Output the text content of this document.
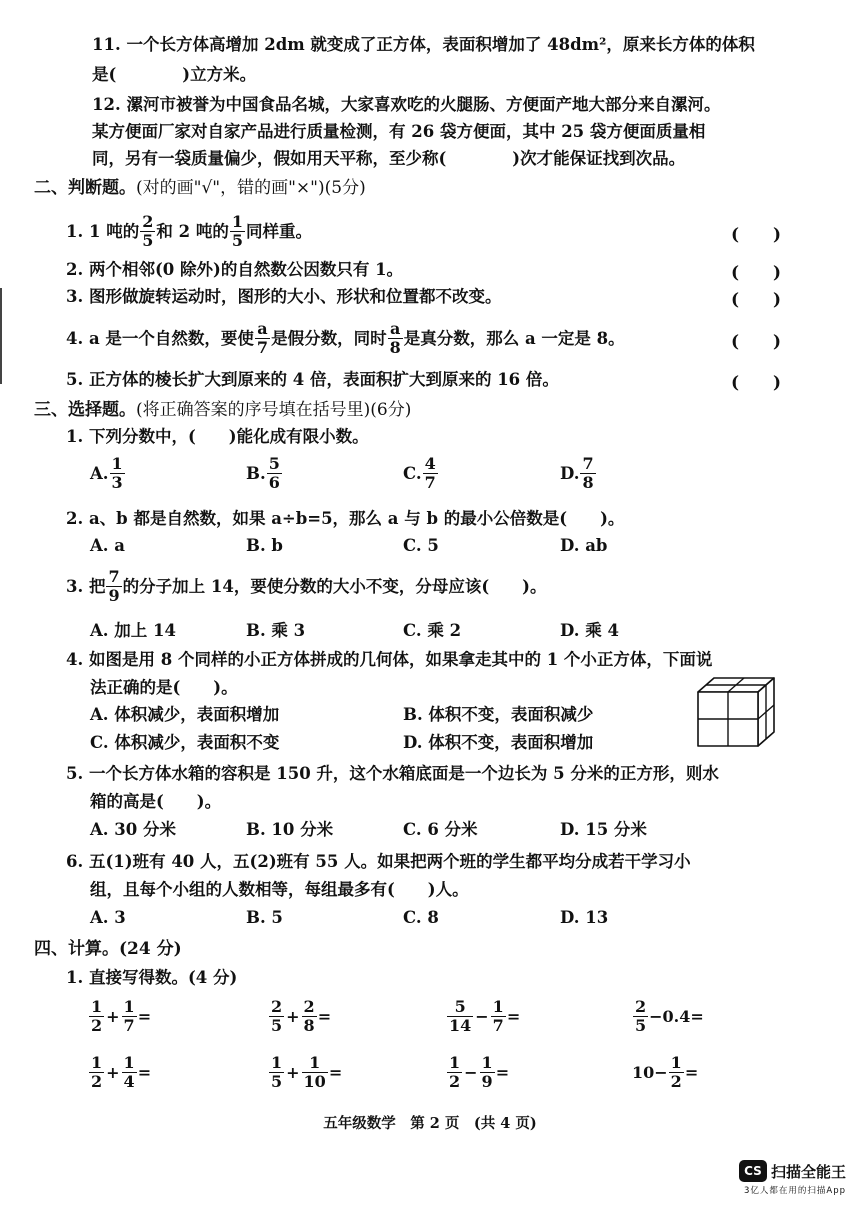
11. 一个长方体高增加 2dm 就变成了正方体，表面积增加了 48dm²，原来长方体的体积
是(　　　　)立方米。
12. 漯河市被誉为中国食品名城，大家喜欢吃的火腿肠、方便面产地大部分来自漯河。
某方便面厂家对自家产品进行质量检测，有 26 袋方便面，其中 25 袋方便面质量相
同，另有一袋质量偏少，假如用天平称，至少称(　　　　)次才能保证找到次品。
二、判断题。(对的画"√"，错的画"×")(5分)
1.
1 吨的 $\frac{2}{5}$ 和 2 吨的 $\frac{1}{5}$ 同样重。	(　　)
2. 两个相邻(0 除外)的自然数公因数只有 1。	(　　)
3. 图形做旋转运动时，图形的大小、形状和位置都不改变。	(　　)
4.
a 是一个自然数，要使 $\frac{a}{7}$ 是假分数，同时 $\frac{a}{8}$ 是真分数，那么 a 一定是 8。	(　　)
5. 正方体的棱长扩大到原来的 4 倍，表面积扩大到原来的 16 倍。	(　　)
三、选择题。(将正确答案的序号填在括号里)(6分)
1. 下列分数中，(　　)能化成有限小数。
A. $\frac{1}{3}$	B. $\frac{5}{6}$	C. $\frac{4}{7}$	D. $\frac{7}{8}$
2. a、b 都是自然数，如果 a÷b=5，那么 a 与 b 的最小公倍数是(　　)。
A. a	B. b	C. 5	D. ab
3.
把 $\frac{7}{9}$ 的分子加上 14，要使分数的大小不变，分母应该(　　)。
A. 加上 14	B. 乘 3	C. 乘 2	D. 乘 4
4. 如图是用 8 个同样的小正方体拼成的几何体，如果拿走其中的 1 个小正方体，下面说
法正确的是(　　)。
A. 体积减少，表面积增加	B. 体积不变，表面积减少
C. 体积减少，表面积不变	D. 体积不变，表面积增加
5. 一个长方体水箱的容积是 150 升，这个水箱底面是一个边长为 5 分米的正方形，则水
箱的高是(　　)。
A. 30 分米	B. 10 分米	C. 6 分米	D. 15 分米
6. 五(1)班有 40 人，五(2)班有 55 人。如果把两个班的学生都平均分成若干学习小
组，且每个小组的人数相等，每组最多有(　　)人。
A. 3	B. 5	C. 8	D. 13
四、计算。(24 分)
1. 直接写得数。(4 分)
$\frac{1}{2} + \frac{1}{7}$ =	$\frac{2}{5} + \frac{2}{8}$ =	$\frac{5}{14} - \frac{1}{7}$ =	$\frac{2}{5} -0.4=$
$\frac{1}{2} + \frac{1}{4}$ =	$\frac{1}{5} + \frac{1}{10}$ =	$\frac{1}{2} - \frac{1}{9}$ =	$10- \frac{1}{2}$ =
五年级数学　第 2 页　(共 4 页)
CS 扫描全能王
3亿人都在用的扫描App
